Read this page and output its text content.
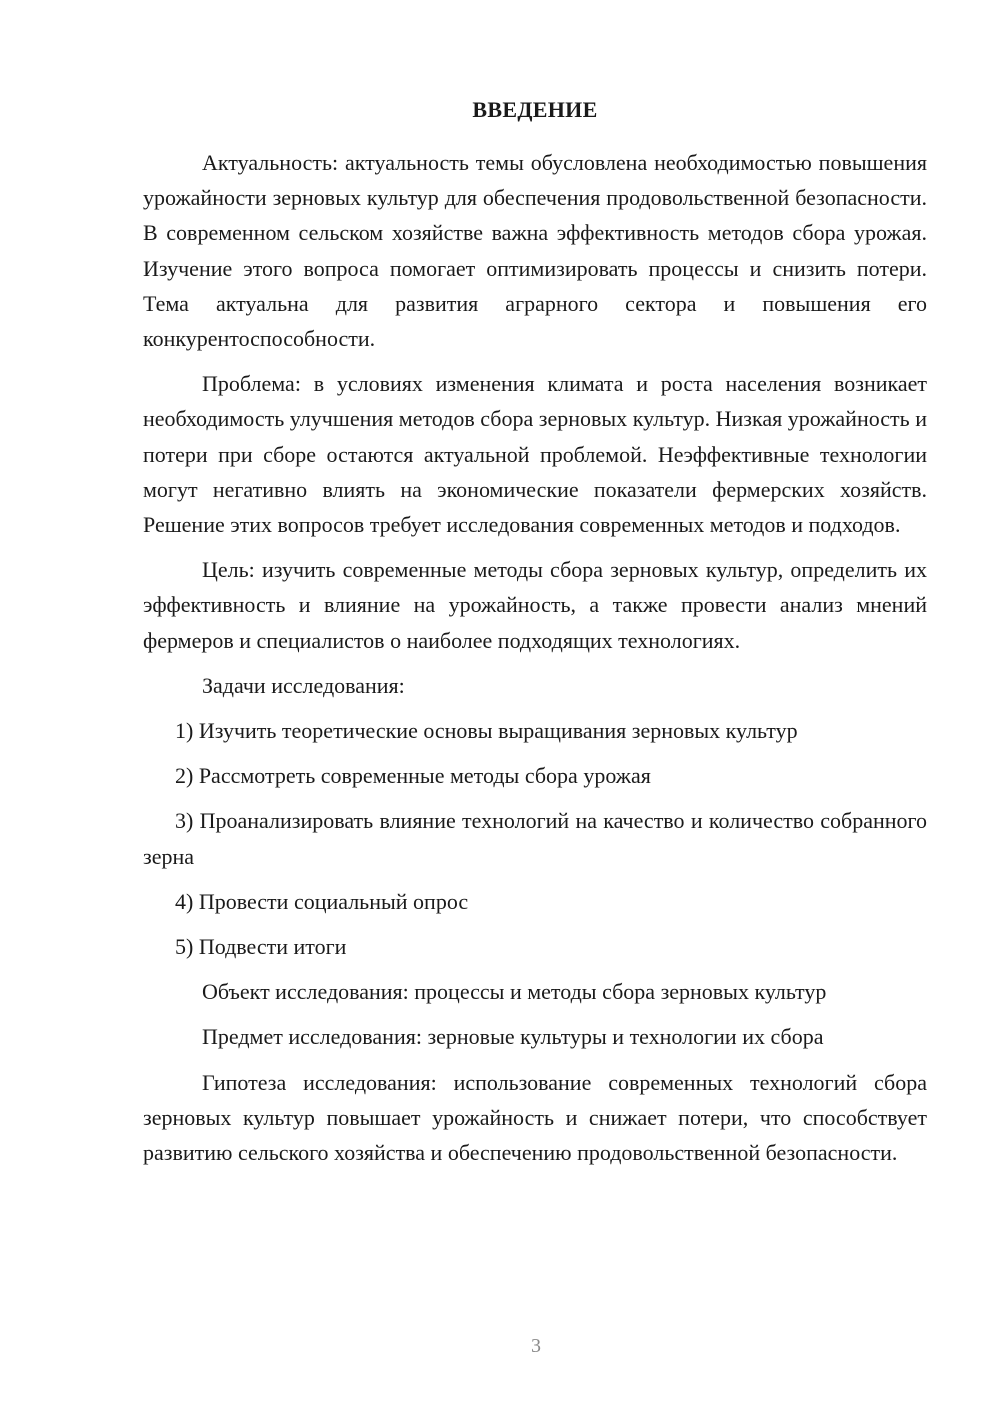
ВВЕДЕНИЕ

Актуальность: актуальность темы обусловлена необходимостью повышения урожайности зерновых культур для обеспечения продовольственной безопасности. В современном сельском хозяйстве важна эффективность методов сбора урожая. Изучение этого вопроса помогает оптимизировать процессы и снизить потери. Тема актуальна для развития аграрного сектора и повышения его конкурентоспособности.

Проблема: в условиях изменения климата и роста населения возникает необходимость улучшения методов сбора зерновых культур. Низкая урожайность и потери при сборе остаются актуальной проблемой. Неэффективные технологии могут негативно влиять на экономические показатели фермерских хозяйств. Решение этих вопросов требует исследования современных методов и подходов.

Цель: изучить современные методы сбора зерновых культур, определить их эффективность и влияние на урожайность, а также провести анализ мнений фермеров и специалистов о наиболее подходящих технологиях.

Задачи исследования:
1) Изучить теоретические основы выращивания зерновых культур
2) Рассмотреть современные методы сбора урожая
3) Проанализировать влияние технологий на качество и количество собранного зерна
4) Провести социальный опрос
5) Подвести итоги
Объект исследования: процессы и методы сбора зерновых культур
Предмет исследования: зерновые культуры и технологии их сбора

Гипотеза исследования: использование современных технологий сбора зерновых культур повышает урожайность и снижает потери, что способствует развитию сельского хозяйства и обеспечению продовольственной безопасности.

3
